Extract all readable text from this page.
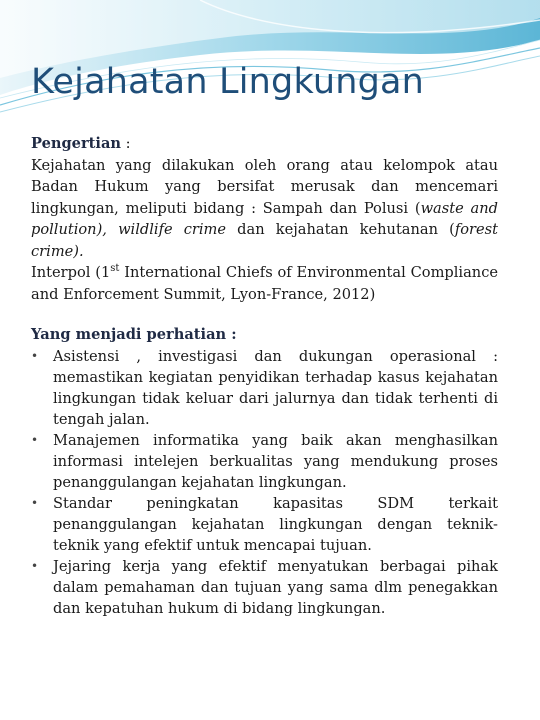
Kejahatan Lingkungan

Pengertian :

Kejahatan yang dilakukan oleh orang atau kelompok atau Badan Hukum yang bersifat merusak dan mencemari lingkungan, meliputi bidang : Sampah dan Polusi (waste and pollution), wildlife crime dan kejahatan kehutanan (forest crime).

Interpol (1st International Chiefs of Environmental Compliance and Enforcement Summit, Lyon-France, 2012)

Yang menjadi perhatian :

• Asistensi , investigasi dan dukungan operasional : memastikan kegiatan penyidikan terhadap kasus kejahatan lingkungan tidak keluar dari jalurnya dan tidak terhenti di tengah jalan.
• Manajemen informatika yang baik akan menghasilkan informasi intelejen berkualitas yang mendukung proses penanggulangan kejahatan lingkungan.
• Standar peningkatan kapasitas SDM terkait penanggulangan kejahatan lingkungan dengan teknik-teknik yang efektif untuk mencapai tujuan.
• Jejaring kerja yang efektif menyatukan berbagai pihak dalam pemahaman dan tujuan yang sama dlm penegakkan dan kepatuhan hukum di bidang lingkungan.
